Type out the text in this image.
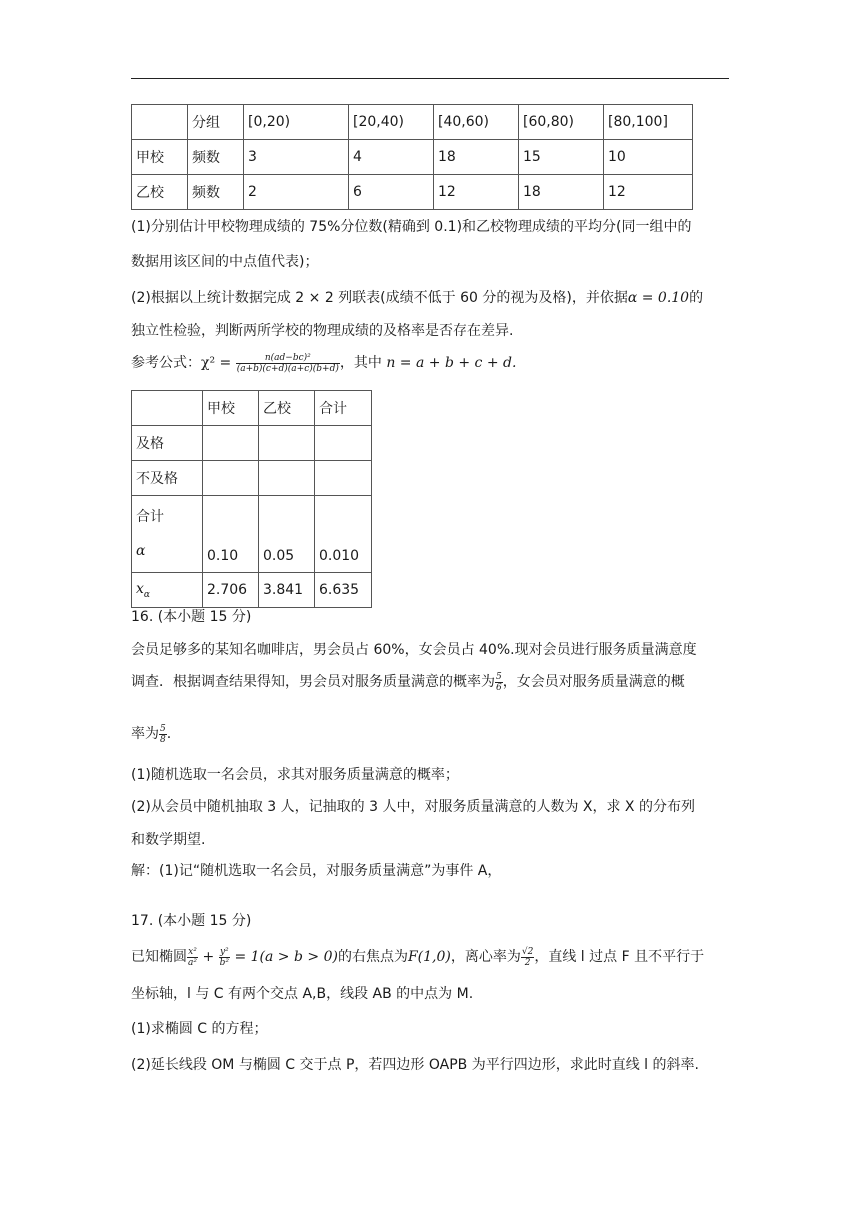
	分组	[0,20)	[20,40)	[40,60)	[60,80)	[80,100]
甲校	频数	3	4	18	15	10
乙校	频数	2	6	12	18	12
(1)分别估计甲校物理成绩的 75%分位数(精确到 0.1)和乙校物理成绩的平均分(同一组中的
数据用该区间的中点值代表)；
(2)根据以上统计数据完成 2 × 2 列联表(成绩不低于 60 分的视为及格)，并依据α = 0.10的
独立性检验，判断两所学校的物理成绩的及格率是否存在差异.
参考公式：$\chi^2 = \frac{\text{n(ad−bc)²}}{(a+b)(c+d)(a+c)(b+d)}$ ，其中 n = a + b + c + d.
	甲校	乙校	合计
及格			
不及格			

合计
α	0.10	0.05	0.010
$x_\alpha$	2.706	3.841	6.635
16. (本小题 15 分)
会员足够多的某知名咖啡店，男会员占 60%，女会员占 40%.现对会员进行服务质量满意度
调查．根据调查结果得知，男会员对服务质量满意的概率为 $\frac{5}{6}$ ，女会员对服务质量满意的概
率为 $\frac{5}{8}$ .
(1)随机选取一名会员，求其对服务质量满意的概率；
(2)从会员中随机抽取 3 人，记抽取的 3 人中，对服务质量满意的人数为 X，求 X 的分布列
和数学期望.
解：(1)记“随机选取一名会员，对服务质量满意”为事件 A，
17. (本小题 15 分)
已知椭圆 $\frac{\text{x²}}{\text{a²}} + \frac{\text{y²}}{\text{b²}} = 1(a > b > 0)$的右焦点为F(1,0)，离心率为 $\frac{√2}{2}$ ，直线 l 过点 F 且不平行于
坐标轴，l 与 C 有两个交点 A,B，线段 AB 的中点为 M.
(1)求椭圆 C 的方程；
(2)延长线段 OM 与椭圆 C 交于点 P，若四边形 OAPB 为平行四边形，求此时直线 l 的斜率.
